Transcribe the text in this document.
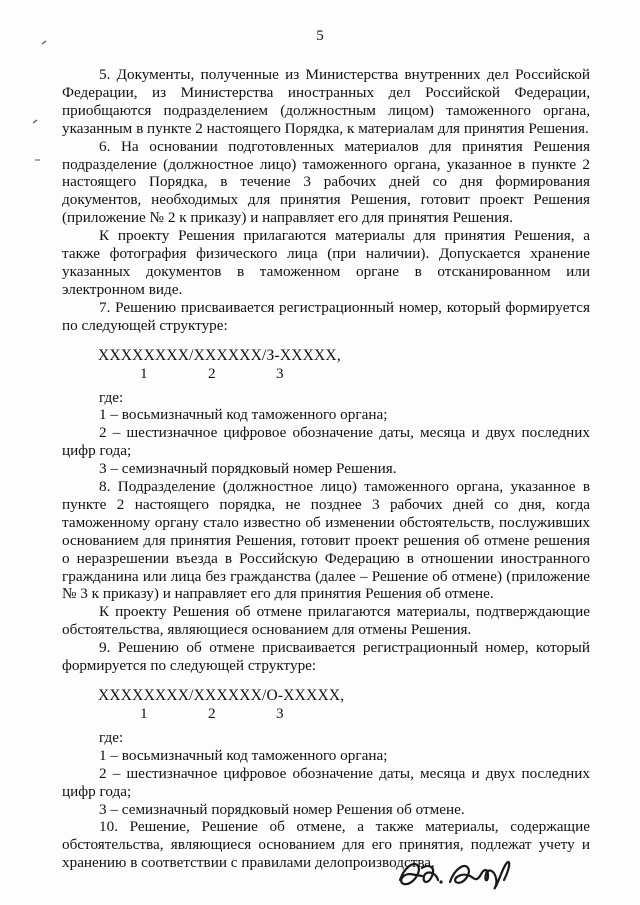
5

5. Документы, полученные из Министерства внутренних дел Российской Федерации, из Министерства иностранных дел Российской Федерации, приобщаются подразделением (должностным лицом) таможенного органа, указанным в пункте 2 настоящего Порядка, к материалам для принятия Решения.

6. На основании подготовленных материалов для принятия Решения подразделение (должностное лицо) таможенного органа, указанное в пункте 2 настоящего Порядка, в течение 3 рабочих дней со дня формирования документов, необходимых для принятия Решения, готовит проект Решения (приложение № 2 к приказу) и направляет его для принятия Решения.

К проекту Решения прилагаются материалы для принятия Решения, а также фотография физического лица (при наличии). Допускается хранение указанных документов в таможенном органе в отсканированном или электронном виде.

7. Решению присваивается регистрационный номер, который формируется по следующей структуре:

ХХХХХХХХ/ХХХХХХ/З-ХХХХХ,
1	2	3

где:

1 – восьмизначный код таможенного органа;

2 – шестизначное цифровое обозначение даты, месяца и двух последних цифр года;

3 – семизначный порядковый номер Решения.

8. Подразделение (должностное лицо) таможенного органа, указанное в пункте 2 настоящего порядка, не позднее 3 рабочих дней со дня, когда таможенному органу стало известно об изменении обстоятельств, послуживших основанием для принятия Решения, готовит проект решения об отмене решения о неразрешении въезда в Российскую Федерацию в отношении иностранного гражданина или лица без гражданства (далее – Решение об отмене) (приложение № 3 к приказу) и направляет его для принятия Решения об отмене.

К проекту Решения об отмене прилагаются материалы, подтверждающие обстоятельства, являющиеся основанием для отмены Решения.

9. Решению об отмене присваивается регистрационный номер, который формируется по следующей структуре:

ХХХХХХХХ/ХХХХХХ/О-ХХХХХ,
1	2	3

где:

1 – восьмизначный код таможенного органа;

2 – шестизначное цифровое обозначение даты, месяца и двух последних цифр года;

3 – семизначный порядковый номер Решения об отмене.

10. Решение, Решение об отмене, а также материалы, содержащие обстоятельства, являющиеся основанием для его принятия, подлежат учету и хранению в соответствии с правилами делопроизводства.
